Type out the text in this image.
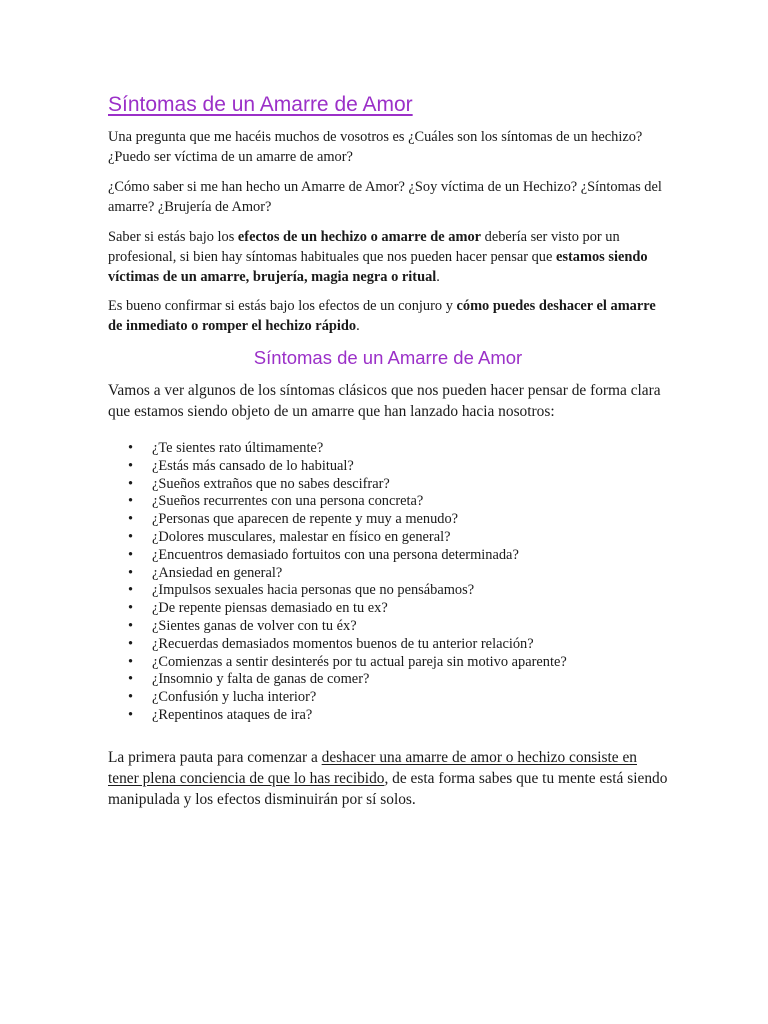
Síntomas de un Amarre de Amor

Una pregunta que me hacéis muchos de vosotros es ¿Cuáles son los síntomas de un hechizo? ¿Puedo ser víctima de un amarre de amor?

¿Cómo saber si me han hecho un Amarre de Amor? ¿Soy víctima de un Hechizo? ¿Síntomas del amarre? ¿Brujería de Amor?

Saber si estás bajo los efectos de un hechizo o amarre de amor debería ser visto por un profesional, si bien hay síntomas habituales que nos pueden hacer pensar que estamos siendo víctimas de un amarre, brujería, magia negra o ritual.

Es bueno confirmar si estás bajo los efectos de un conjuro y cómo puedes deshacer el amarre de inmediato o romper el hechizo rápido.

Síntomas de un Amarre de Amor

Vamos a ver algunos de los síntomas clásicos que nos pueden hacer pensar de forma clara que estamos siendo objeto de un amarre que han lanzado hacia nosotros:

• ¿Te sientes rato últimamente?
• ¿Estás más cansado de lo habitual?
• ¿Sueños extraños que no sabes descifrar?
• ¿Sueños recurrentes con una persona concreta?
• ¿Personas que aparecen de repente y muy a menudo?
• ¿Dolores musculares, malestar en físico en general?
• ¿Encuentros demasiado fortuitos con una persona determinada?
• ¿Ansiedad en general?
• ¿Impulsos sexuales hacia personas que no pensábamos?
• ¿De repente piensas demasiado en tu ex?
• ¿Sientes ganas de volver con tu éx?
• ¿Recuerdas demasiados momentos buenos de tu anterior relación?
• ¿Comienzas a sentir desinterés por tu actual pareja sin motivo aparente?
• ¿Insomnio y falta de ganas de comer?
• ¿Confusión y lucha interior?
• ¿Repentinos ataques de ira?

La primera pauta para comenzar a deshacer una amarre de amor o hechizo consiste en tener plena conciencia de que lo has recibido, de esta forma sabes que tu mente está siendo manipulada y los efectos disminuirán por sí solos.
